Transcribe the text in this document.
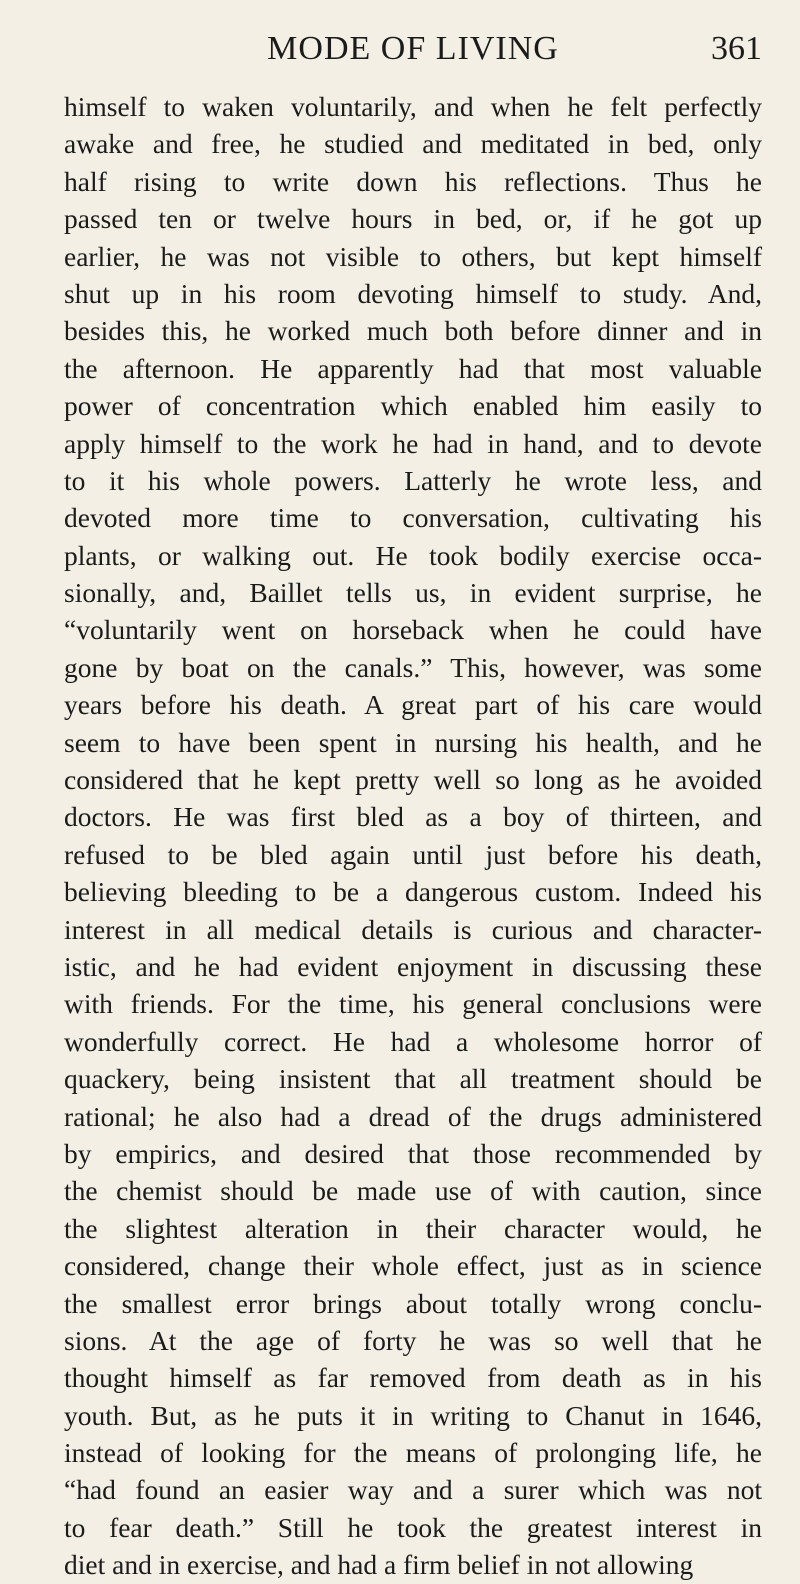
MODE OF LIVING	361
himself to waken voluntarily, and when he felt perfectly
awake and free, he studied and meditated in bed, only
half rising to write down his reflections. Thus he
passed ten or twelve hours in bed, or, if he got up
earlier, he was not visible to others, but kept himself
shut up in his room devoting himself to study. And,
besides this, he worked much both before dinner and in
the afternoon. He apparently had that most valuable
power of concentration which enabled him easily to
apply himself to the work he had in hand, and to devote
to it his whole powers. Latterly he wrote less, and
devoted more time to conversation, cultivating his
plants, or walking out. He took bodily exercise occa-
sionally, and, Baillet tells us, in evident surprise, he
“voluntarily went on horseback when he could have
gone by boat on the canals.” This, however, was some
years before his death. A great part of his care would
seem to have been spent in nursing his health, and he
considered that he kept pretty well so long as he avoided
doctors. He was first bled as a boy of thirteen, and
refused to be bled again until just before his death,
believing bleeding to be a dangerous custom. Indeed his
interest in all medical details is curious and character-
istic, and he had evident enjoyment in discussing these
with friends. For the time, his general conclusions were
wonderfully correct. He had a wholesome horror of
quackery, being insistent that all treatment should be
rational; he also had a dread of the drugs administered
by empirics, and desired that those recommended by
the chemist should be made use of with caution, since
the slightest alteration in their character would, he
considered, change their whole effect, just as in science
the smallest error brings about totally wrong conclu-
sions. At the age of forty he was so well that he
thought himself as far removed from death as in his
youth. But, as he puts it in writing to Chanut in 1646,
instead of looking for the means of prolonging life, he
“had found an easier way and a surer which was not
to fear death.” Still he took the greatest interest in
diet and in exercise, and had a firm belief in not allowing
